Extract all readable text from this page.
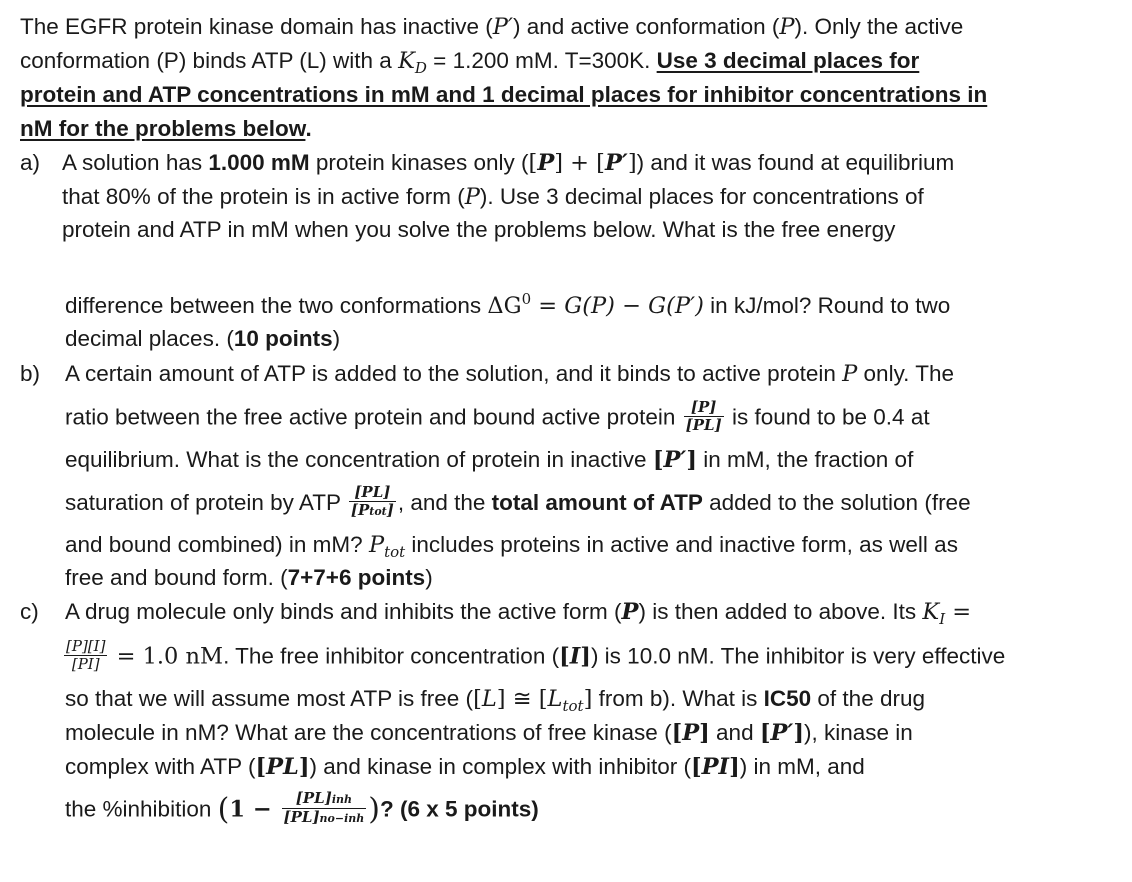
The EGFR protein kinase domain has inactive (P′) and active conformation (P). Only the active
conformation (P) binds ATP (L) with a $K_D = 1.200$ mM. T=300K. Use 3 decimal places for
protein and ATP concentrations in mM and 1 decimal places for inhibitor concentrations in
nM for the problems below.
a) A solution has 1.000 mM protein kinases only ([P] + [P′]) and it was found at equilibrium
that 80% of the protein is in active form (P). Use 3 decimal places for concentrations of
protein and ATP in mM when you solve the problems below. What is the free energy
difference between the two conformations $\Delta G^0 = G(P) - G(P')$ in kJ/mol? Round to two
decimal places. (10 points)
b) A certain amount of ATP is added to the solution, and it binds to active protein P only. The
ratio between the free active protein and bound active protein $\frac{[P]}{[PL]}$ is found to be 0.4 at
equilibrium. What is the concentration of protein in inactive [P′] in mM, the fraction of
saturation of protein by ATP $\frac{[PL]}{\text{[Ptot]}}$ , and the total amount of ATP added to the solution (free
and bound combined) in mM? $P_{tot}$ includes proteins in active and inactive form, as well as
free and bound form. (7+7+6 points)
c) A drug molecule only binds and inhibits the active form (P) is then added to above. Its $K_I$ =
$\frac{[P][I]}{[PI]} = 1.0$ nM. The free inhibitor concentration ([I]) is 10.0 nM. The inhibitor is very effective
so that we will assume most ATP is free ([L] ≅ $[L_{tot}]$ from b). What is IC50 of the drug
molecule in nM? What are the concentrations of free kinase ([P] and [P′]), kinase in
complex with ATP ([PL]) and kinase in complex with inhibitor ([PI]) in mM, and
the %inhibition ($1 - \frac{\text{[PL]inh}}{\text{[PL]no−inh}}$ )? (6 x 5 points)
